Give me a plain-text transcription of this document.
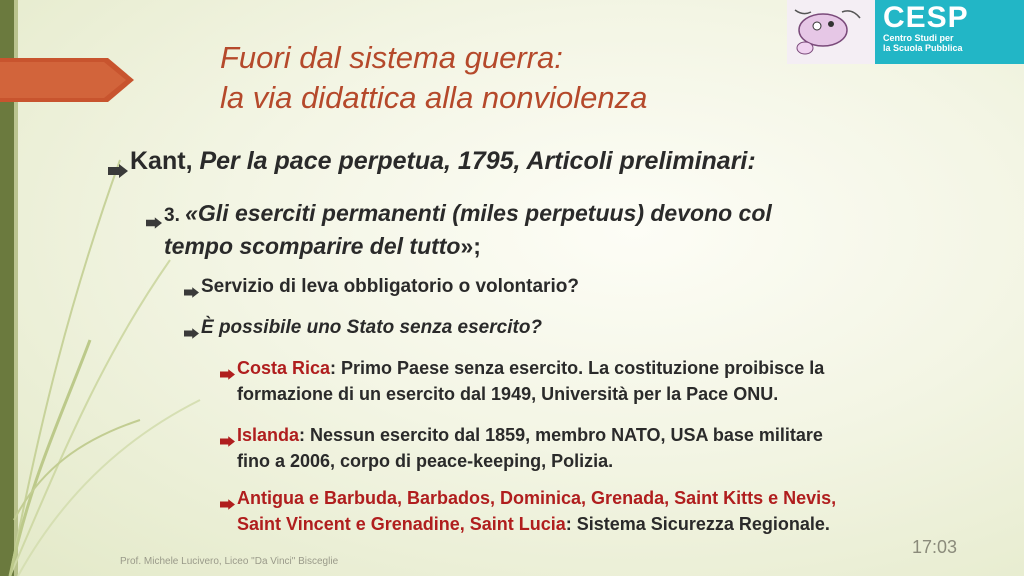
CESP
Centro Studi per
la Scuola Pubblica
Fuori dal sistema guerra:
la via didattica alla nonviolenza
Kant, Per la pace perpetua, 1795, Articoli preliminari:
3. «Gli eserciti permanenti (miles perpetuus) devono col
tempo scomparire del tutto»;
Servizio di leva obbligatorio o volontario?
È possibile uno Stato senza esercito?
Costa Rica: Primo Paese senza esercito. La costituzione proibisce la
formazione di un esercito dal 1949, Università per la Pace ONU.
Islanda: Nessun esercito dal 1859, membro NATO, USA base militare
fino a 2006, corpo di peace-keeping, Polizia.
Antigua e Barbuda, Barbados, Dominica, Grenada, Saint Kitts e Nevis,
Saint Vincent e Grenadine, Saint Lucia: Sistema Sicurezza Regionale.
Prof. Michele Lucivero, Liceo "Da Vinci" Bisceglie
17:03
